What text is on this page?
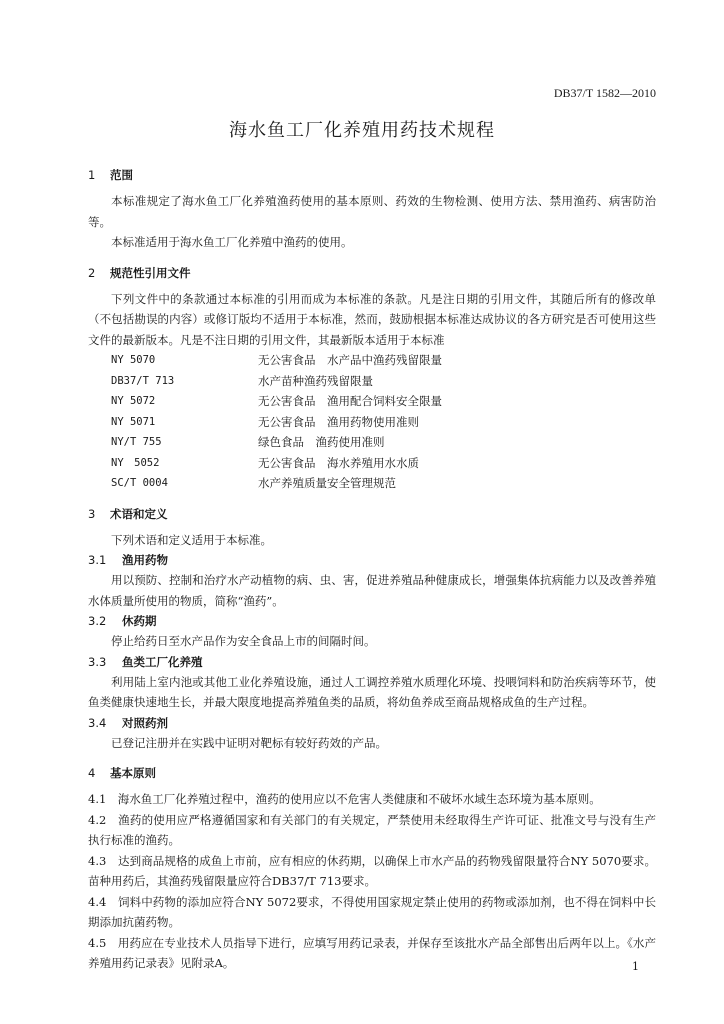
DB37/T 1582—2010
海水鱼工厂化养殖用药技术规程
1 范围
本标准规定了海水鱼工厂化养殖渔药使用的基本原则、药效的生物检测、使用方法、禁用渔药、病害防治等。
本标准适用于海水鱼工厂化养殖中渔药的使用。
2 规范性引用文件
下列文件中的条款通过本标准的引用而成为本标准的条款。凡是注日期的引用文件，其随后所有的修改单（不包括勘误的内容）或修订版均不适用于本标准，然而，鼓励根据本标准达成协议的各方研究是否可使用这些文件的最新版本。凡是不注日期的引用文件，其最新版本适用于本标准
NY 5070	无公害食品　水产品中渔药残留限量
DB37/T 713	水产苗种渔药残留限量
NY 5072	无公害食品　渔用配合饲料安全限量
NY 5071	无公害食品　渔用药物使用准则
NY/T 755	绿色食品　渔药使用准则
NY　5052	无公害食品　海水养殖用水水质
SC/T 0004	水产养殖质量安全管理规范
3 术语和定义
下列术语和定义适用于本标准。
3.1 渔用药物
用以预防、控制和治疗水产动植物的病、虫、害，促进养殖品种健康成长，增强集体抗病能力以及改善养殖水体质量所使用的物质，简称“渔药”。
3.2 休药期
停止给药日至水产品作为安全食品上市的间隔时间。
3.3 鱼类工厂化养殖
利用陆上室内池或其他工业化养殖设施，通过人工调控养殖水质理化环境、投喂饲料和防治疾病等环节，使鱼类健康快速地生长，并最大限度地提高养殖鱼类的品质，将幼鱼养成至商品规格成鱼的生产过程。
3.4 对照药剂
已登记注册并在实践中证明对靶标有较好药效的产品。
4 基本原则
4.1　海水鱼工厂化养殖过程中，渔药的使用应以不危害人类健康和不破坏水域生态环境为基本原则。
4.2　渔药的使用应严格遵循国家和有关部门的有关规定，严禁使用未经取得生产许可证、批准文号与没有生产执行标准的渔药。
4.3　达到商品规格的成鱼上市前，应有相应的休药期，以确保上市水产品的药物残留限量符合NY 5070要求。苗种用药后，其渔药残留限量应符合DB37/T 713要求。
4.4　饲料中药物的添加应符合NY 5072要求，不得使用国家规定禁止使用的药物或添加剂，也不得在饲料中长期添加抗菌药物。
4.5　用药应在专业技术人员指导下进行，应填写用药记录表，并保存至该批水产品全部售出后两年以上。《水产养殖用药记录表》见附录A。	1
